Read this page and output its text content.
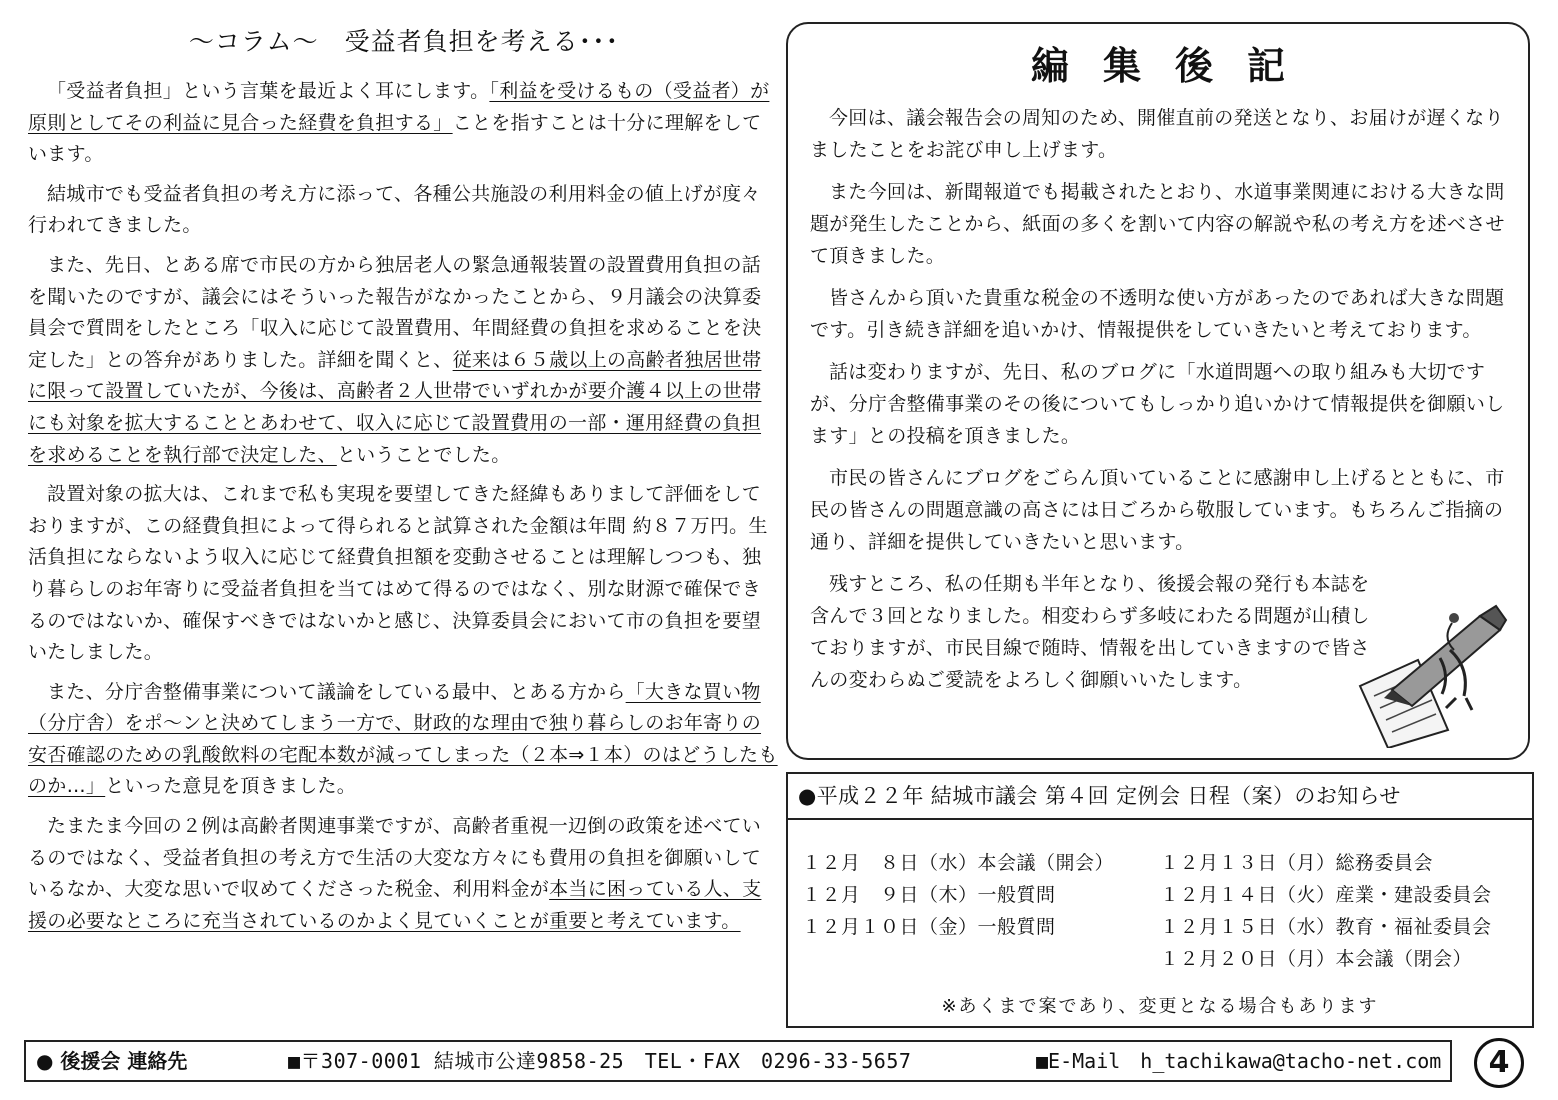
～コラム～　受益者負担を考える･･･

「受益者負担」という言葉を最近よく耳にします。「利益を受けるもの（受益者）が原則としてその利益に見合った経費を負担する」ことを指すことは十分に理解をしています。

結城市でも受益者負担の考え方に添って、各種公共施設の利用料金の値上げが度々行われてきました。

また、先日、とある席で市民の方から独居老人の緊急通報装置の設置費用負担の話を聞いたのですが、議会にはそういった報告がなかったことから、９月議会の決算委員会で質問をしたところ「収入に応じて設置費用、年間経費の負担を求めることを決定した」との答弁がありました。詳細を聞くと、従来は６５歳以上の高齢者独居世帯に限って設置していたが、今後は、高齢者２人世帯でいずれかが要介護４以上の世帯にも対象を拡大することとあわせて、収入に応じて設置費用の一部・運用経費の負担を求めることを執行部で決定した、ということでした。

設置対象の拡大は、これまで私も実現を要望してきた経緯もありまして評価をしておりますが、この経費負担によって得られると試算された金額は年間 約８７万円。生活負担にならないよう収入に応じて経費負担額を変動させることは理解しつつも、独り暮らしのお年寄りに受益者負担を当てはめて得るのではなく、別な財源で確保できるのではないか、確保すべきではないかと感じ、決算委員会において市の負担を要望いたしました。

また、分庁舎整備事業について議論をしている最中、とある方から「大きな買い物（分庁舎）をポ～ンと決めてしまう一方で、財政的な理由で独り暮らしのお年寄りの安否確認のための乳酸飲料の宅配本数が減ってしまった（２本⇒１本）のはどうしたものか…」といった意見を頂きました。

たまたま今回の２例は高齢者関連事業ですが、高齢者重視一辺倒の政策を述べているのではなく、受益者負担の考え方で生活の大変な方々にも費用の負担を御願いしているなか、大変な思いで収めてくださった税金、利用料金が本当に困っている人、支援の必要なところに充当されているのかよく見ていくことが重要と考えています。

編集後記

今回は、議会報告会の周知のため、開催直前の発送となり、お届けが遅くなりましたことをお詫び申し上げます。

また今回は、新聞報道でも掲載されたとおり、水道事業関連における大きな問題が発生したことから、紙面の多くを割いて内容の解説や私の考え方を述べさせて頂きました。

皆さんから頂いた貴重な税金の不透明な使い方があったのであれば大きな問題です。引き続き詳細を追いかけ、情報提供をしていきたいと考えております。

話は変わりますが、先日、私のブログに「水道問題への取り組みも大切ですが、分庁舎整備事業のその後についてもしっかり追いかけて情報提供を御願いします」との投稿を頂きました。

市民の皆さんにブログをごらん頂いていることに感謝申し上げるとともに、市民の皆さんの問題意識の高さには日ごろから敬服しています。もちろんご指摘の通り、詳細を提供していきたいと思います。

残すところ、私の任期も半年となり、後援会報の発行も本誌を含んで３回となりました。相変わらず多岐にわたる問題が山積しておりますが、市民目線で随時、情報を出していきますので皆さんの変わらぬご愛読をよろしく御願いいたします。

●平成２２年 結城市議会 第４回 定例会 日程（案）のお知らせ
１２月　８日（水）本会議（開会）
１２月　９日（木）一般質問
１２月１０日（金）一般質問
１２月１３日（月）総務委員会
１２月１４日（火）産業・建設委員会
１２月１５日（水）教育・福祉委員会
１２月２０日（月）本会議（閉会）
※あくまで案であり、変更となる場合もあります
● 後援会 連絡先	■〒307-0001 結城市公達9858-25　TEL・FAX　0296-33-5657	■E-Mail　h_tachikawa@tacho-net.com	4
